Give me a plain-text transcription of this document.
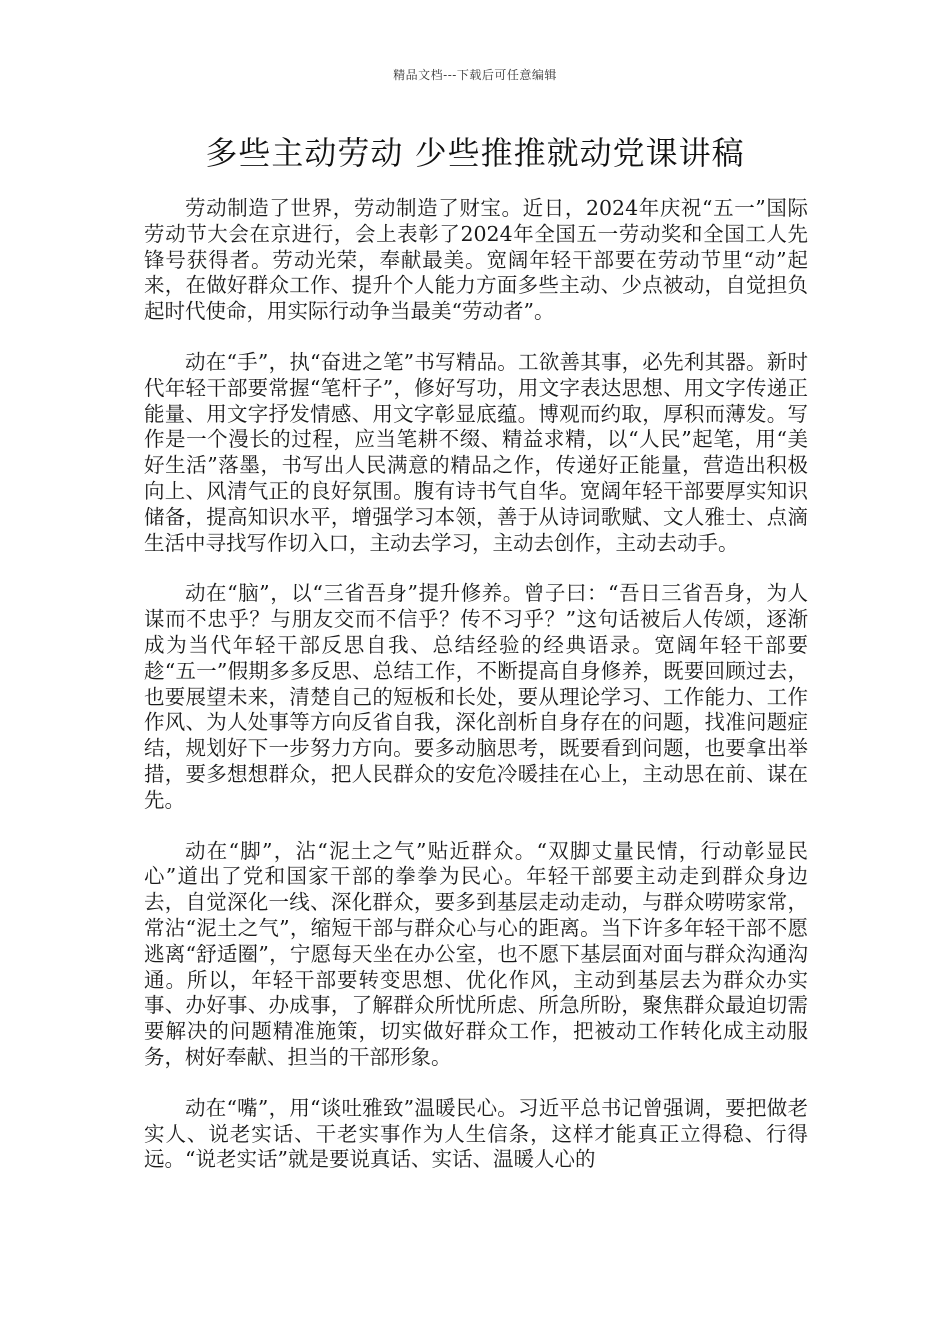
精品文档---下载后可任意编辑
多些主动劳动 少些推推就动党课讲稿

劳动制造了世界，劳动制造了财宝。近日，2024年庆祝“五一”国际劳动节大会在京进行，会上表彰了2024年全国五一劳动奖和全国工人先锋号获得者。劳动光荣，奉献最美。宽阔年轻干部要在劳动节里“动”起来，在做好群众工作、提升个人能力方面多些主动、少点被动，自觉担负起时代使命，用实际行动争当最美“劳动者”。

动在“手”，执“奋进之笔”书写精品。工欲善其事，必先利其器。新时代年轻干部要常握“笔杆子”，修好写功，用文字表达思想、用文字传递正能量、用文字抒发情感、用文字彰显底蕴。博观而约取，厚积而薄发。写作是一个漫长的过程，应当笔耕不缀、精益求精，以“人民”起笔，用“美好生活”落墨，书写出人民满意的精品之作，传递好正能量，营造出积极向上、风清气正的良好氛围。腹有诗书气自华。宽阔年轻干部要厚实知识储备，提高知识水平，增强学习本领，善于从诗词歌赋、文人雅士、点滴生活中寻找写作切入口，主动去学习，主动去创作，主动去动手。

动在“脑”，以“三省吾身”提升修养。曾子曰：“吾日三省吾身，为人谋而不忠乎？与朋友交而不信乎？传不习乎？”这句话被后人传颂，逐渐成为当代年轻干部反思自我、总结经验的经典语录。宽阔年轻干部要趁“五一”假期多多反思、总结工作，不断提高自身修养，既要回顾过去，也要展望未来，清楚自己的短板和长处，要从理论学习、工作能力、工作作风、为人处事等方向反省自我，深化剖析自身存在的问题，找准问题症结，规划好下一步努力方向。要多动脑思考，既要看到问题，也要拿出举措，要多想想群众，把人民群众的安危冷暖挂在心上，主动思在前、谋在先。

动在“脚”，沾“泥土之气”贴近群众。“双脚丈量民情，行动彰显民心”道出了党和国家干部的拳拳为民心。年轻干部要主动走到群众身边去，自觉深化一线、深化群众，要多到基层走动走动，与群众唠唠家常，常沾“泥土之气”，缩短干部与群众心与心的距离。当下许多年轻干部不愿逃离“舒适圈”，宁愿每天坐在办公室，也不愿下基层面对面与群众沟通沟通。所以，年轻干部要转变思想、优化作风，主动到基层去为群众办实事、办好事、办成事，了解群众所忧所虑、所急所盼，聚焦群众最迫切需要解决的问题精准施策，切实做好群众工作，把被动工作转化成主动服务，树好奉献、担当的干部形象。

动在“嘴”，用“谈吐雅致”温暖民心。习近平总书记曾强调，要把做老实人、说老实话、干老实事作为人生信条，这样才能真正立得稳、行得远。“说老实话”就是要说真话、实话、温暖人心的
